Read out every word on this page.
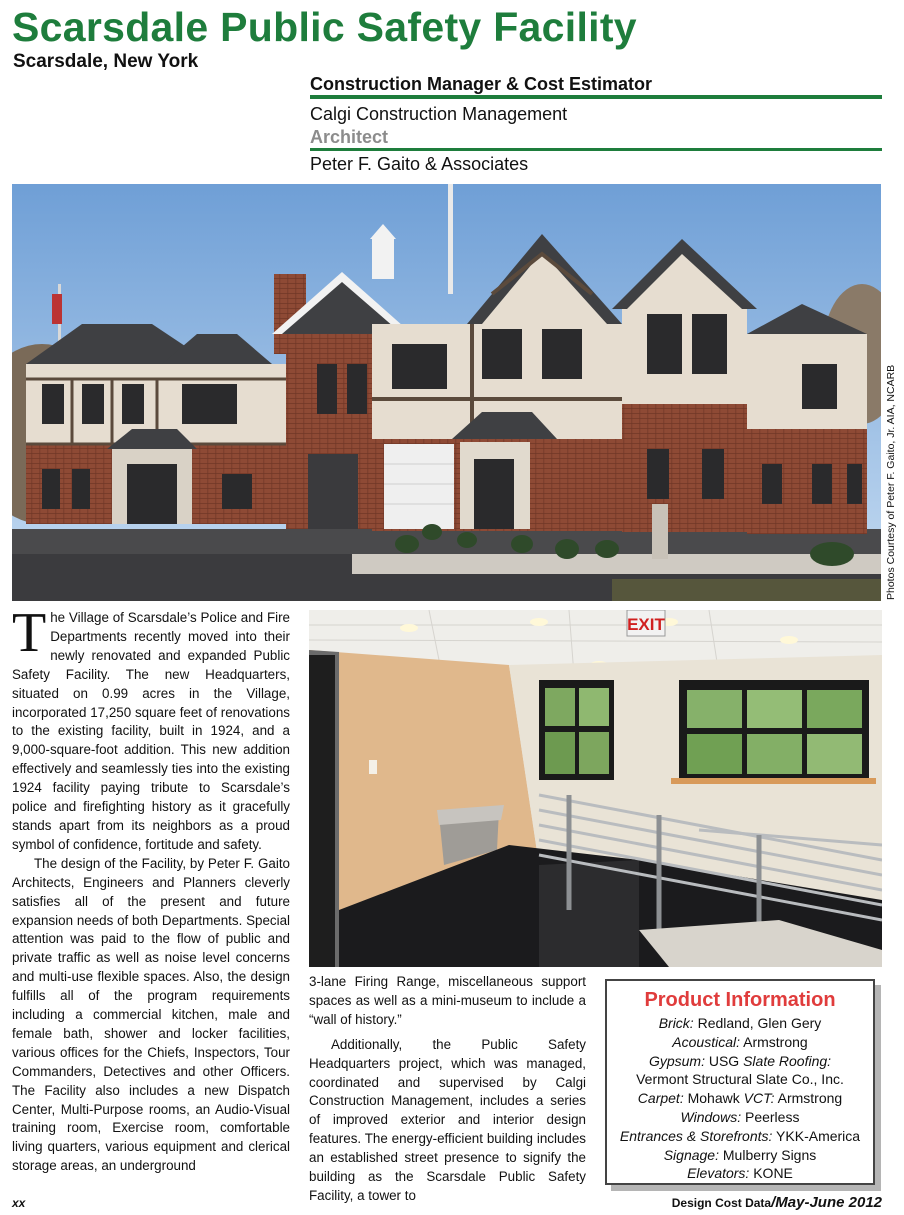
Scarsdale Public Safety Facility
Scarsdale, New York
Construction Manager & Cost Estimator
Calgi Construction Management
Architect
Peter F. Gaito & Associates
Photos Courtesy of Peter F. Gaito, Jr. AIA, NCARB
EXIT

The Village of Scarsdale’s Police and Fire Departments recently moved into their newly renovated and expanded Public Safety Facility. The new Headquarters, situated on 0.99 acres in the Village, incorporated 17,250 square feet of renovations to the existing facility, built in 1924, and a 9,000-square-foot addition. This new addition effectively and seamlessly ties into the existing 1924 facility paying tribute to Scarsdale’s police and firefighting history as it gracefully stands apart from its neighbors as a proud symbol of confidence, fortitude and safety.

The design of the Facility, by Peter F. Gaito Architects, Engineers and Planners cleverly satisfies all of the present and future expansion needs of both Departments. Special attention was paid to the flow of public and private traffic as well as noise level concerns and multi-use flexible spaces. Also, the design fulfills all of the program requirements including a commercial kitchen, male and female bath, shower and locker facilities, various offices for the Chiefs, Inspectors, Tour Commanders, Detectives and other Officers. The Facility also includes a new Dispatch Center, Multi-Purpose rooms, an Audio-Visual training room, Exercise room, comfortable living quarters, various equipment and clerical storage areas, an underground

3-lane Firing Range, miscellaneous support spaces as well as a mini-museum to include a “wall of history.”

Additionally, the Public Safety Headquarters project, which was managed, coordinated and supervised by Calgi Construction Management, includes a series of improved exterior and interior design features. The energy-efficient building includes an established street presence to signify the building as the Scarsdale Public Safety Facility, a tower to

Product Information
Brick: Redland, Glen Gery
Acoustical: Armstrong
Gypsum: USG Slate Roofing:
Vermont Structural Slate Co., Inc.
Carpet: Mohawk VCT: Armstrong
Windows: Peerless
Entrances & Storefronts: YKK-America
Signage: Mulberry Signs
Elevators: KONE
xx	Design Cost Data/May-June 2012
